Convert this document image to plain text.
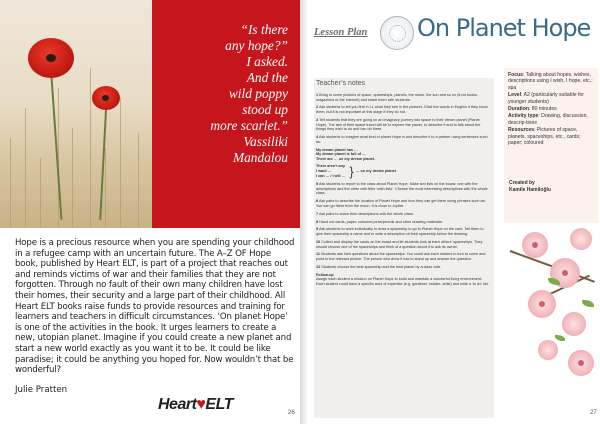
“Is there
any hope?”
I asked.
And the
wild poppy
stood up
more scarlet.”
Vassiliki
Mandalou
Hope is a precious resource when you are spending your childhood in a refugee camp with an uncertain future. The A–Z OF Hope book, published by Heart ELT, is part of a project that reaches out and reminds victims of war and their families that they are not forgotten. Through no fault of their own many children have lost their homes, their security and a large part of their childhood. All Heart ELT books raise funds to provide resources and training for learners and teachers in difficult circumstances. ‘On planet Hope’ is one of the activities in the book. It urges learners to create a new, utopian planet. Imagine if you could create a new planet and start a new world exactly as you want it to be. It could be like paradise; it could be anything you hoped for. Now wouldn’t that be wonderful?
Julie Pratten
Heart♥ELT	26
Lesson Plan On Planet Hope
Teacher’s notes

1 Bring in some pictures of space, spaceships, planets, the moon, the sun and so on (from books, magazines or the internet) and share them with students.

2 Ask students to tell you first in L1 what they see in the pictures. Elicit the words in English if they know them, but it is not important at this stage if they do not.

3 Tell students that they are going on an imaginary journey into space to their dream planet (Planet Hope). The aim of their space travel will be to explore the planet, to describe it and to talk about the things they wish to do and can do there.

4 Ask students to imagine what kind of planet Hope is and describe it to a partner using sentences such as:

My dream planet has …
My dream planet is full of …
There are … on my dream planet.
There aren’t any
I want …
I can … / I will … } … on my dream planet

5 Ask students to report to the class about Planet Hope. Make two lists on the board: one with the descriptions and the other with their ‘wish lists’. Choose the most interesting descriptions with the whole class.

6 Ask pairs to describe the location of Planet Hope and how they can get there using phrases such as: You can go there from the moon. It is close to Jupiter.

7 Ask pairs to share their descriptions with the whole class.

8 Hand out cards, paper, coloured pens/pencils and other drawing materials.

9 Ask students to work individually to draw a spaceship to go to Planet Hope on the card. Tell them to give their spaceship a name and to write a description of their spaceship below the drawing.

10 Collect and display the cards on the board and let students look at each others’ spaceships. They should choose one of the spaceships and think of a question about it to ask its owner.

11 Students ask their questions about the spaceships. You could ask each student in turn to come and point to the relevant picture. The person who drew it has to stand up and answer the question.

12 Students choose the best spaceship and the best planet by a class vote.

Follow-up
Assign each student a mission on Planet Hope to build and maintain a wonderful living environment. Each student could have a specific area of expertise (e.g. gardener, builder, artist) and write a ‘to do’ list.

Focus: Talking about hopes, wishes, descriptions using I wish, I hope, etc.; spa

Level: A2 (particularly suitable for younger students)

Duration: 80 minutes

Activity type: Drawing, discussion, descrip-tions

Resources: Pictures of space, planets, spaceships, etc., cards; paper; coloured

Created by
Kamile Hamiloğlu
27
